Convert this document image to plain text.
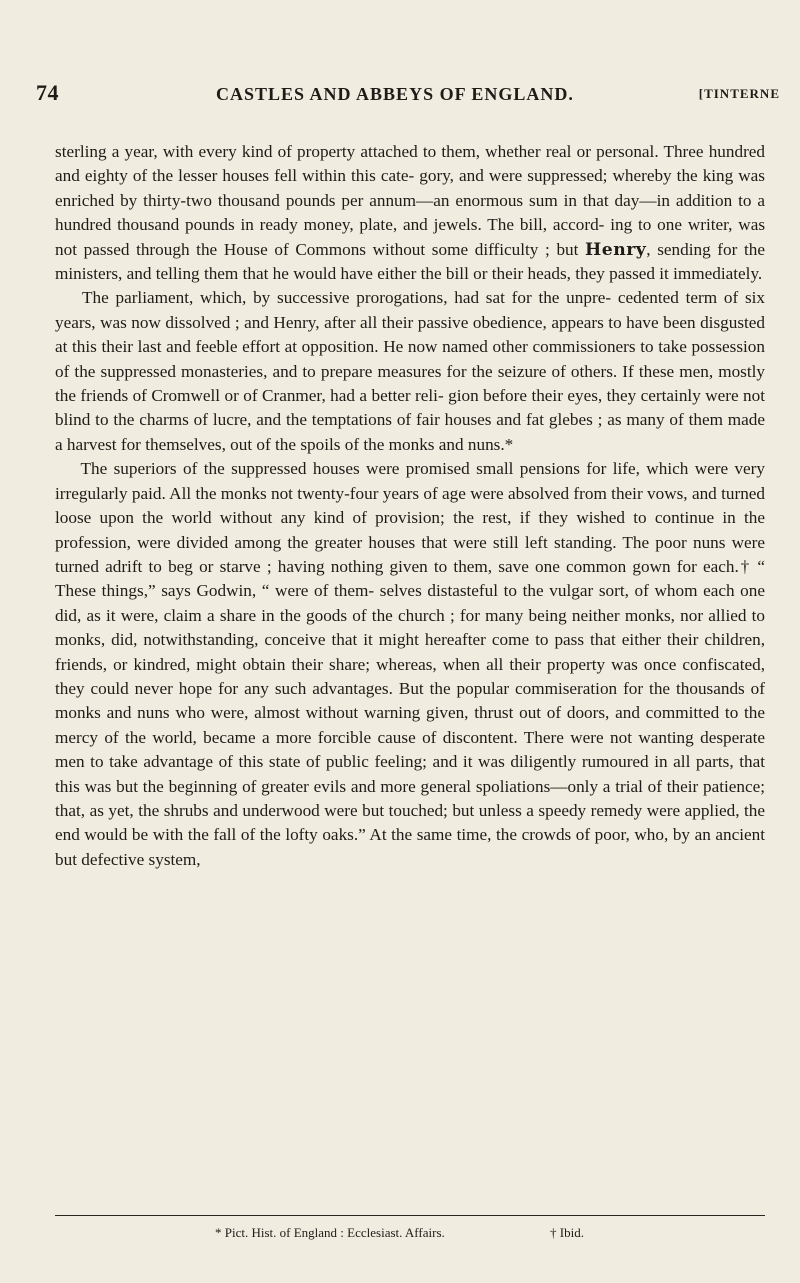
74	CASTLES AND ABBEYS OF ENGLAND.	[TINTERNE

sterling a year, with every kind of property attached to them, whether real or personal. Three hundred and eighty of the lesser houses fell within this cate- gory, and were suppressed; whereby the king was enriched by thirty-two thousand pounds per annum—an enormous sum in that day—in addition to a hundred thousand pounds in ready money, plate, and jewels. The bill, accord- ing to one writer, was not passed through the House of Commons without some difficulty ; but Henry, sending for the ministers, and telling them that he would have either the bill or their heads, they passed it immediately.

The parliament, which, by successive prorogations, had sat for the unpre- cedented term of six years, was now dissolved ; and Henry, after all their passive obedience, appears to have been disgusted at this their last and feeble effort at opposition. He now named other commissioners to take possession of the suppressed monasteries, and to prepare measures for the seizure of others. If these men, mostly the friends of Cromwell or of Cranmer, had a better reli- gion before their eyes, they certainly were not blind to the charms of lucre, and the temptations of fair houses and fat glebes ; as many of them made a harvest for themselves, out of the spoils of the monks and nuns.*

The superiors of the suppressed houses were promised small pensions for life, which were very irregularly paid. All the monks not twenty-four years of age were absolved from their vows, and turned loose upon the world without any kind of provision; the rest, if they wished to continue in the profession, were divided among the greater houses that were still left standing. The poor nuns were turned adrift to beg or starve ; having nothing given to them, save one common gown for each.† “ These things,” says Godwin, “ were of them- selves distasteful to the vulgar sort, of whom each one did, as it were, claim a share in the goods of the church ; for many being neither monks, nor allied to monks, did, notwithstanding, conceive that it might hereafter come to pass that either their children, friends, or kindred, might obtain their share; whereas, when all their property was once confiscated, they could never hope for any such advantages. But the popular commiseration for the thousands of monks and nuns who were, almost without warning given, thrust out of doors, and committed to the mercy of the world, became a more forcible cause of discontent. There were not wanting desperate men to take advantage of this state of public feeling; and it was diligently rumoured in all parts, that this was but the beginning of greater evils and more general spoliations—only a trial of their patience; that, as yet, the shrubs and underwood were but touched; but unless a speedy remedy were applied, the end would be with the fall of the lofty oaks.” At the same time, the crowds of poor, who, by an ancient but defective system,

* Pict. Hist. of England : Ecclesiast. Affairs.	† Ibid.
